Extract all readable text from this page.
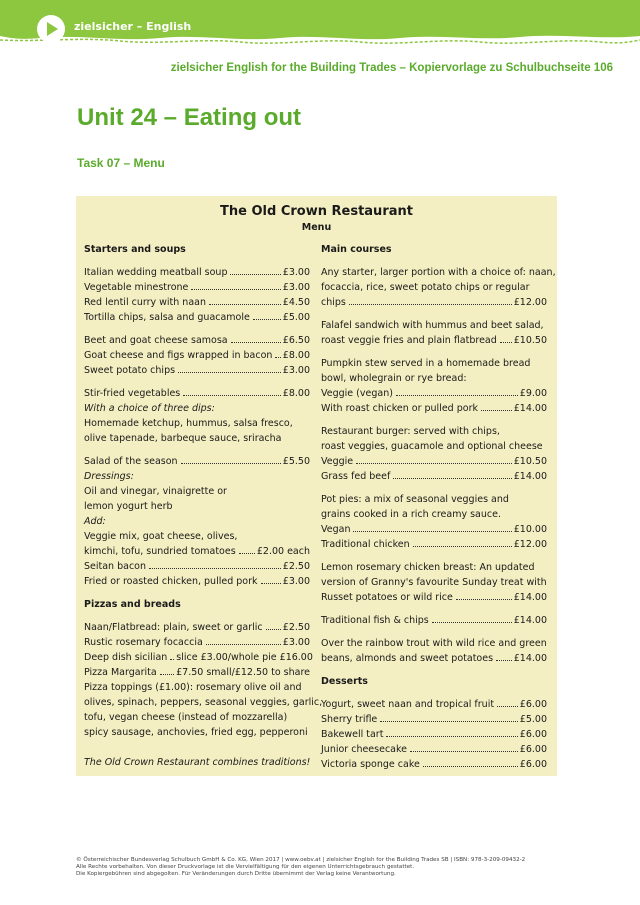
zielsicher – English
zielsicher English for the Building Trades – Kopiervorlage zu Schulbuchseite 106
Unit 24 – Eating out
Task 07 – Menu
The Old Crown Restaurant
Menu
Starters and soups
Italian wedding meatball soup	£3.00
Vegetable minestrone	£3.00
Red lentil curry with naan	£4.50
Tortilla chips, salsa and guacamole	£5.00
Beet and goat cheese samosa	£6.50
Goat cheese and figs wrapped in bacon £8.00
Sweet potato chips	£3.00
Stir-fried vegetables	£8.00
With a choice of three dips:
Homemade ketchup, hummus, salsa fresco,
olive tapenade, barbeque sauce, sriracha
Salad of the season	£5.50
Dressings:
Oil and vinegar, vinaigrette or
lemon yogurt herb
Add:
Veggie mix, goat cheese, olives,
kimchi, tofu, sundried tomatoes £2.00 each
Seitan bacon	£2.50
Fried or roasted chicken, pulled pork	£3.00
Pizzas and breads
Naan/Flatbread: plain, sweet or garlic £2.50
Rustic rosemary focaccia	£3.00
Deep dish sicilian slice £3.00/whole pie £16.00
Pizza Margarita £7.50 small/£12.50 to share
Pizza toppings (£1.00): rosemary olive oil and
olives, spinach, peppers, seasonal veggies, garlic,
tofu, vegan cheese (instead of mozzarella)
spicy sausage, anchovies, fried egg, pepperoni
The Old Crown Restaurant combines traditions!
Main courses
Any starter, larger portion with a choice of: naan,
focaccia, rice, sweet potato chips or regular
chips	£12.00
Falafel sandwich with hummus and beet salad,
roast veggie fries and plain flatbread £10.50
Pumpkin stew served in a homemade bread
bowl, wholegrain or rye bread:
Veggie (vegan)	£9.00
With roast chicken or pulled pork	£14.00
Restaurant burger: served with chips,
roast veggies, guacamole and optional cheese
Veggie	£10.50
Grass fed beef	£14.00
Pot pies: a mix of seasonal veggies and
grains cooked in a rich creamy sauce.
Vegan	£10.00
Traditional chicken	£12.00
Lemon rosemary chicken breast: An updated
version of Granny's favourite Sunday treat with
Russet potatoes or wild rice	£14.00
Traditional fish & chips	£14.00
Over the rainbow trout with wild rice and green
beans, almonds and sweet potatoes £14.00
Desserts
Yogurt, sweet naan and tropical fruit	£6.00
Sherry trifle	£5.00
Bakewell tart	£6.00
Junior cheesecake	£6.00
Victoria sponge cake	£6.00
© Österreichischer Bundesverlag Schulbuch GmbH & Co. KG, Wien 2017 | www.oebv.at | zielsicher English for the Building Trades SB | ISBN: 978-3-209-09432-2
Alle Rechte vorbehalten. Von dieser Druckvorlage ist die Vervielfältigung für den eigenen Unterrichtsgebrauch gestattet.
Die Kopiergebühren sind abgegolten. Für Veränderungen durch Dritte übernimmt der Verlag keine Verantwortung.
